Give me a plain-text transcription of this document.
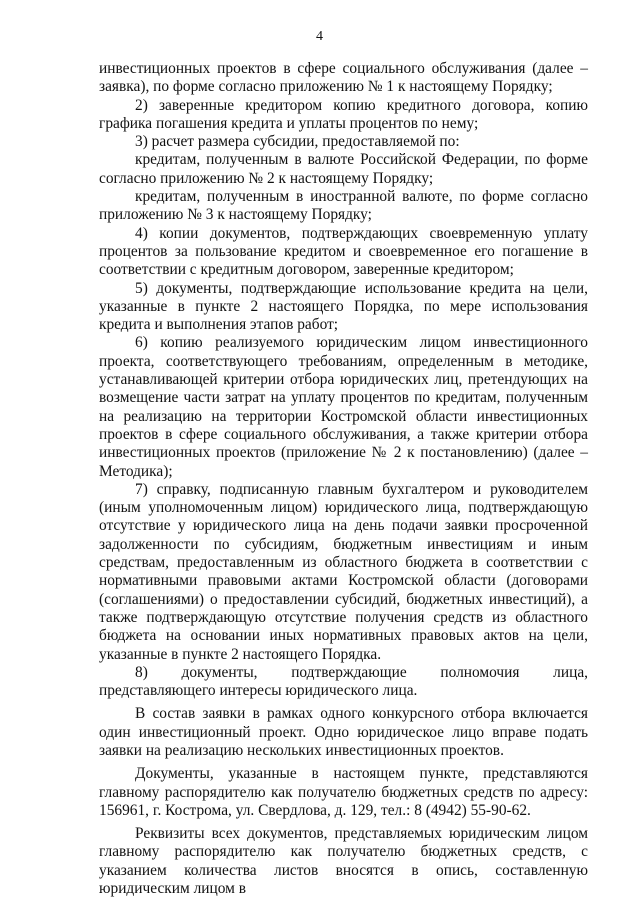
4

инвестиционных проектов в сфере социального обслуживания (далее – заявка), по форме согласно приложению № 1 к настоящему Порядку;

2) заверенные кредитором копию кредитного договора, копию графика погашения кредита и уплаты процентов по нему;

3) расчет размера субсидии, предоставляемой по:

кредитам, полученным в валюте Российской Федерации, по форме согласно приложению № 2 к настоящему Порядку;

кредитам, полученным в иностранной валюте, по форме согласно приложению № 3 к настоящему Порядку;

4) копии документов, подтверждающих своевременную уплату процентов за пользование кредитом и своевременное его погашение в соответствии с кредитным договором, заверенные кредитором;

5) документы, подтверждающие использование кредита на цели, указанные в пункте 2 настоящего Порядка, по мере использования кредита и выполнения этапов работ;

6) копию реализуемого юридическим лицом инвестиционного проекта, соответствующего требованиям, определенным в методике, устанавливающей критерии отбора юридических лиц, претендующих на возмещение части затрат на уплату процентов по кредитам, полученным на реализацию на территории Костромской области инвестиционных проектов в сфере социального обслуживания, а также критерии отбора инвестиционных проектов (приложение № 2 к постановлению) (далее – Методика);

7) справку, подписанную главным бухгалтером и руководителем (иным уполномоченным лицом) юридического лица, подтверждающую отсутствие у юридического лица на день подачи заявки просроченной задолженности по субсидиям, бюджетным инвестициям и иным средствам, предоставленным из областного бюджета в соответствии с нормативными правовыми актами Костромской области (договорами (соглашениями) о предоставлении субсидий, бюджетных инвестиций), а также подтверждающую отсутствие получения средств из областного бюджета на основании иных нормативных правовых актов на цели, указанные в пункте 2 настоящего Порядка.

8) документы, подтверждающие полномочия лица, представляющего интересы юридического лица.

В состав заявки в рамках одного конкурсного отбора включается один инвестиционный проект. Одно юридическое лицо вправе подать заявки на реализацию нескольких инвестиционных проектов.

Документы, указанные в настоящем пункте, представляются главному распорядителю как получателю бюджетных средств по адресу: 156961, г. Кострома, ул. Свердлова, д. 129, тел.: 8 (4942) 55-90-62.

Реквизиты всех документов, представляемых юридическим лицом главному распорядителю как получателю бюджетных средств, с указанием количества листов вносятся в опись, составленную юридическим лицом в
